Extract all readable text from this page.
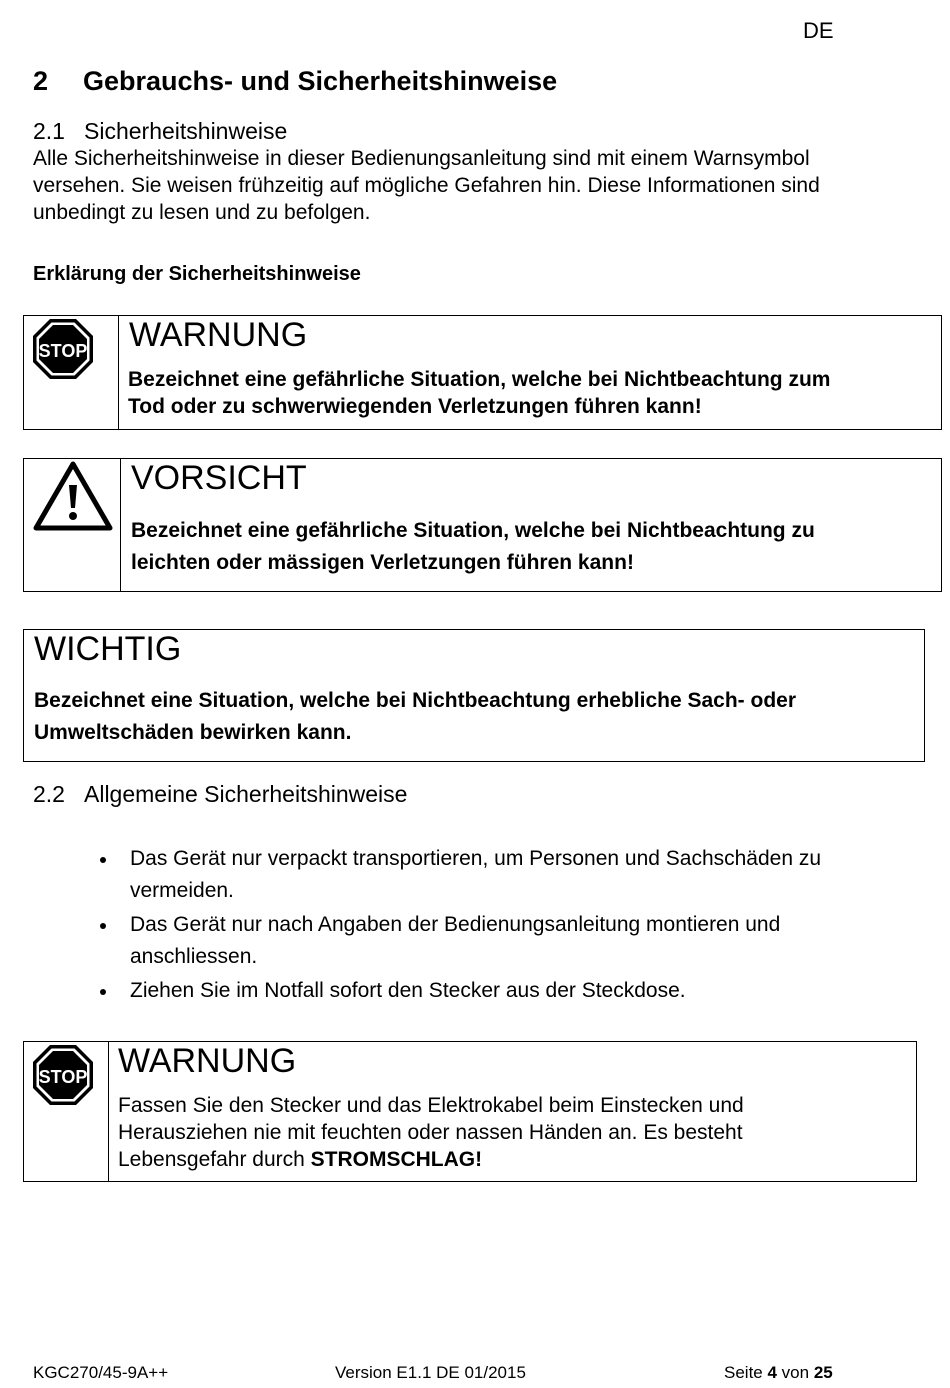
DE
2 Gebrauchs- und Sicherheitshinweise
2.1 Sicherheitshinweise
Alle Sicherheitshinweise in dieser Bedienungsanleitung sind mit einem Warnsymbol
versehen. Sie weisen frühzeitig auf mögliche Gefahren hin. Diese Informationen sind
unbedingt zu lesen und zu befolgen.
Erklärung der Sicherheitshinweise
STOP WARNUNG
Bezeichnet eine gefährliche Situation, welche bei Nichtbeachtung zum
Tod oder zu schwerwiegenden Verletzungen führen kann!
VORSICHT
Bezeichnet eine gefährliche Situation, welche bei Nichtbeachtung zu
leichten oder mässigen Verletzungen führen kann!
WICHTIG
Bezeichnet eine Situation, welche bei Nichtbeachtung erhebliche Sach- oder
Umweltschäden bewirken kann.
2.2 Allgemeine Sicherheitshinweise
Das Gerät nur verpackt transportieren, um Personen und Sachschäden zu
vermeiden.
Das Gerät nur nach Angaben der Bedienungsanleitung montieren und
anschliessen.
Ziehen Sie im Notfall sofort den Stecker aus der Steckdose.
STOP WARNUNG
Fassen Sie den Stecker und das Elektrokabel beim Einstecken und
Herausziehen nie mit feuchten oder nassen Händen an. Es besteht
Lebensgefahr durch STROMSCHLAG!
KGC270/45-9A++	Version E1.1 DE 01/2015	Seite 4 von 25
